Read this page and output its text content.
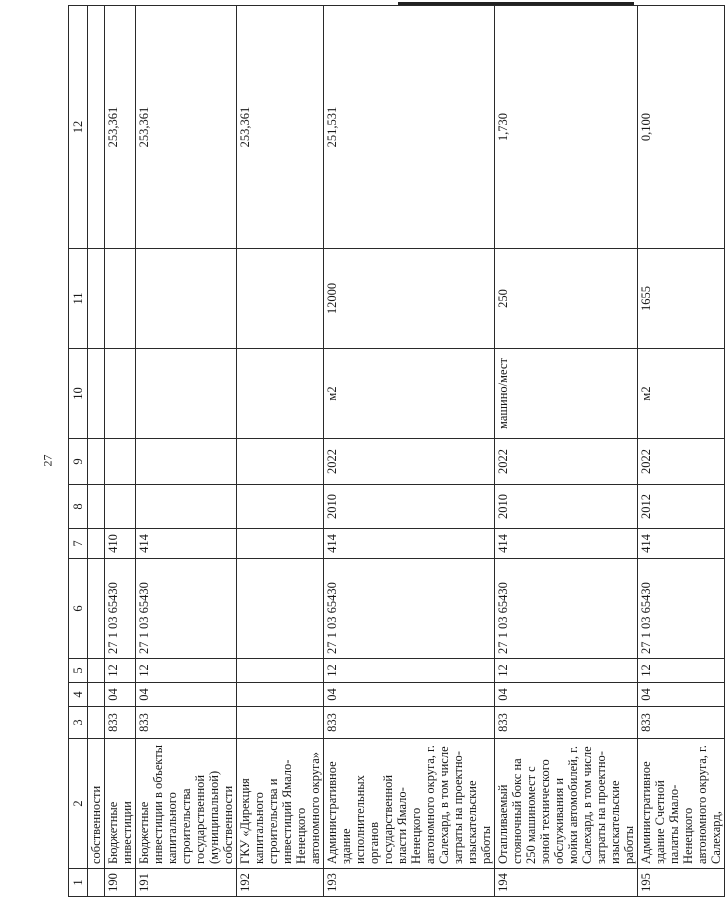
27
1	2	3	4	5	6	7	8	9	10	11	12
	собственности										
190	Бюджетные инвестиции	833	04	12	27 1 03 65430	410					253,361
191	Бюджетные инвестиции в объекты капитального строительства государственной (муниципальной) собственности	833	04	12	27 1 03 65430	414					253,361
192	ГКУ «Дирекция капитального строительства и инвестиций Ямало-Ненецкого автономного округа»										253,361
193	Административное здание исполнительных органов государственной власти Ямало-Ненецкого автономного округа, г. Салехард, в том числе затраты на проектно-изыскательские работы	833	04	12	27 1 03 65430	414	2010	2022	м2	12000	251,531
194	Отапливаемый стояночный бокс на 250 машиномест с зоной технического обслуживания и мойки автомобилей, г. Салехард, в том числе затраты на проектно-изыскательские работы	833	04	12	27 1 03 65430	414	2010	2022	машино/мест	250	1,730
195	Административное здание Счетной палаты Ямало-Ненецкого автономного округа, г. Салехард,	833	04	12	27 1 03 65430	414	2012	2022	м2	1655	0,100
